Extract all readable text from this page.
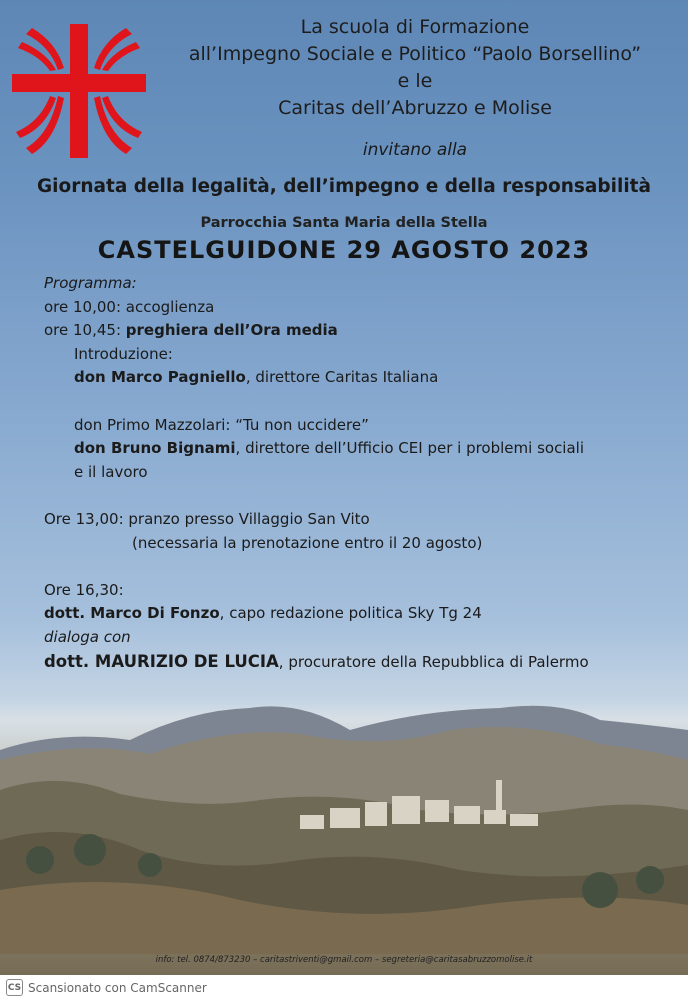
La scuola di Formazione
all’Impegno Sociale e Politico “Paolo Borsellino”
e le
Caritas dell’Abruzzo e Molise
invitano alla
Giornata della legalità, dell’impegno e della responsabilità
Parrocchia Santa Maria della Stella
CASTELGUIDONE 29 AGOSTO 2023
Programma:
ore 10,00: accoglienza
ore 10,45: preghiera dell’Ora media
Introduzione:
don Marco Pagniello, direttore Caritas Italiana
don Primo Mazzolari: “Tu non uccidere”
don Bruno Bignami, direttore dell’Ufficio CEI per i problemi sociali
e il lavoro
Ore 13,00: pranzo presso Villaggio San Vito
(necessaria la prenotazione entro il 20 agosto)
Ore 16,30:
dott. Marco Di Fonzo, capo redazione politica Sky Tg 24
dialoga con
dott. MAURIZIO DE LUCIA, procuratore della Repubblica di Palermo
info: tel. 0874/873230 – caritastriventi@gmail.com – segreteria@caritasabruzzomolise.it
CS Scansionato con CamScanner
